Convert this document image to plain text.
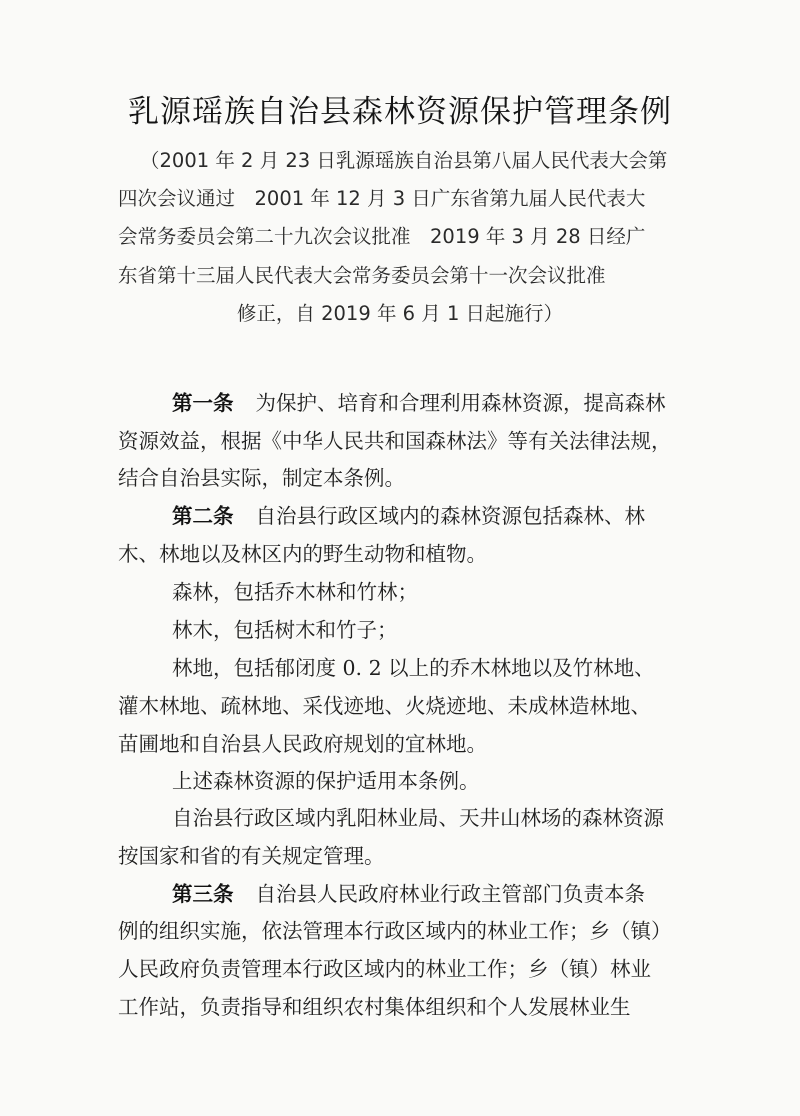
乳源瑶族自治县森林资源保护管理条例
（2001 年 2 月 23 日乳源瑶族自治县第八届人民代表大会第
四次会议通过　2001 年 12 月 3 日广东省第九届人民代表大
会常务委员会第二十九次会议批准　2019 年 3 月 28 日经广
东省第十三届人民代表大会常务委员会第十一次会议批准
修正，自 2019 年 6 月 1 日起施行）
第一条 为保护、培育和合理利用森林资源，提高森林
资源效益，根据《中华人民共和国森林法》等有关法律法规，
结合自治县实际，制定本条例。
第二条 自治县行政区域内的森林资源包括森林、林
木、林地以及林区内的野生动物和植物。
森林，包括乔木林和竹林；
林木，包括树木和竹子；
林地，包括郁闭度 0. 2 以上的乔木林地以及竹林地、
灌木林地、疏林地、采伐迹地、火烧迹地、未成林造林地、
苗圃地和自治县人民政府规划的宜林地。
上述森林资源的保护适用本条例。
自治县行政区域内乳阳林业局、天井山林场的森林资源
按国家和省的有关规定管理。
第三条 自治县人民政府林业行政主管部门负责本条
例的组织实施，依法管理本行政区域内的林业工作；乡（镇）
人民政府负责管理本行政区域内的林业工作；乡（镇）林业
工作站，负责指导和组织农村集体组织和个人发展林业生
